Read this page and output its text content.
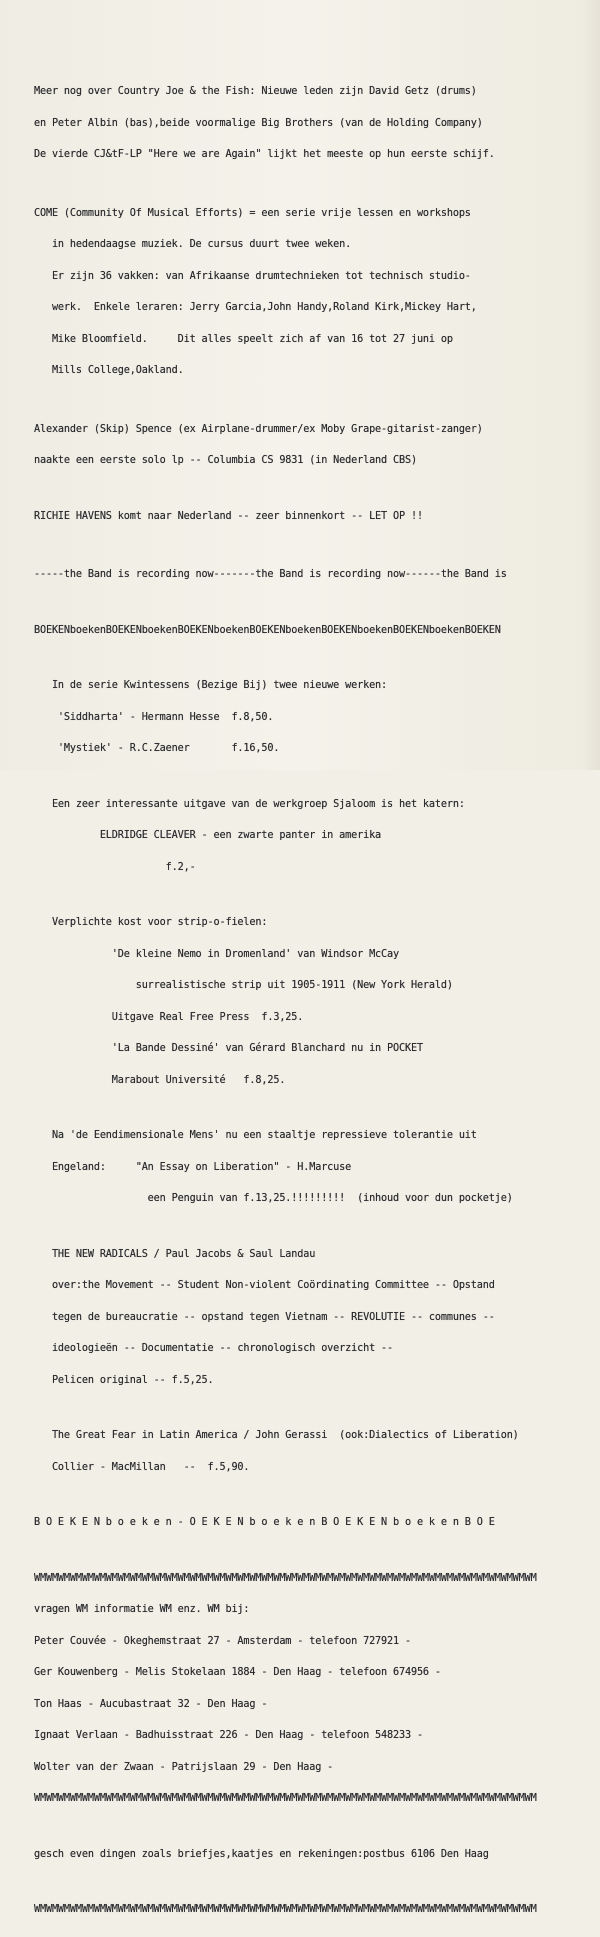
Meer nog over Country Joe & the Fish: Nieuwe leden zijn David Getz (drums)

en Peter Albin (bas),beide voormalige Big Brothers (van de Holding Company)

De vierde CJ&tF-LP "Here we are Again" lijkt het meeste op hun eerste schijf.

COME (Community Of Musical Efforts) = een serie vrije lessen en workshops

in hedendaagse muziek. De cursus duurt twee weken.

Er zijn 36 vakken: van Afrikaanse drumtechnieken tot technisch studio-

werk.  Enkele leraren: Jerry Garcia,John Handy,Roland Kirk,Mickey Hart,

Mike Bloomfield.     Dit alles speelt zich af van 16 tot 27 juni op

Mills College,Oakland.

Alexander (Skip) Spence (ex Airplane-drummer/ex Moby Grape-gitarist-zanger)

naakte een eerste solo lp -- Columbia CS 9831 (in Nederland CBS)

RICHIE HAVENS komt naar Nederland -- zeer binnenkort -- LET OP !!

-----the Band is recording now-------the Band is recording now------the Band is

BOEKENboekenBOEKENboekenBOEKENboekenBOEKENboekenBOEKENboekenBOEKENboekenBOEKEN

In de serie Kwintessens (Bezige Bij) twee nieuwe werken:

'Siddharta' - Hermann Hesse  f.8,50.

'Mystiek' - R.C.Zaener       f.16,50.

Een zeer interessante uitgave van de werkgroep Sjaloom is het katern:

ELDRIDGE CLEAVER - een zwarte panter in amerika

f.2,-

Verplichte kost voor strip-o-fielen:

'De kleine Nemo in Dromenland' van Windsor McCay

surrealistische strip uit 1905-1911 (New York Herald)

Uitgave Real Free Press  f.3,25.

'La Bande Dessiné' van Gérard Blanchard nu in POCKET

Marabout Université   f.8,25.

Na 'de Eendimensionale Mens' nu een staaltje repressieve tolerantie uit

Engeland:     "An Essay on Liberation" - H.Marcuse

een Penguin van f.13,25.!!!!!!!!!  (inhoud voor dun pocketje)

THE NEW RADICALS / Paul Jacobs & Saul Landau

over:the Movement -- Student Non-violent Coördinating Committee -- Opstand

tegen de bureaucratie -- opstand tegen Vietnam -- REVOLUTIE -- communes --

ideologieën -- Documentatie -- chronologisch overzicht --

Pelicen original -- f.5,25.

The Great Fear in Latin America / John Gerassi  (ook:Dialectics of Liberation)

Collier - MacMillan   --  f.5,90.

B O E K E N b o e k e n - O E K E N b o e k e n B O E K E N b o e k e n B O E

WMWMWMWMWMWMWMWMWMWMWMWMWMWMWMWMWMWMWMWMWMWMWMWMWMWMWMWMWMWMWMWMWMWMWMWMWMWMWMWMWMWM

vragen WM informatie WM enz. WM bij:

Peter Couvée - Okeghemstraat 27 - Amsterdam - telefoon 727921 -

Ger Kouwenberg - Melis Stokelaan 1884 - Den Haag - telefoon 674956 -

Ton Haas - Aucubastraat 32 - Den Haag -

Ignaat Verlaan - Badhuisstraat 226 - Den Haag - telefoon 548233 -

Wolter van der Zwaan - Patrijslaan 29 - Den Haag -

WMWMWMWMWMWMWMWMWMWMWMWMWMWMWMWMWMWMWMWMWMWMWMWMWMWMWMWMWMWMWMWMWMWMWMWMWMWMWMWMWMWM

gesch even dingen zoals briefjes,kaatjes en rekeningen:postbus 6106 Den Haag

WMWMWMWMWMWMWMWMWMWMWMWMWMWMWMWMWMWMWMWMWMWMWMWMWMWMWMWMWMWMWMWMWMWMWMWMWMWMWMWMWMWM
